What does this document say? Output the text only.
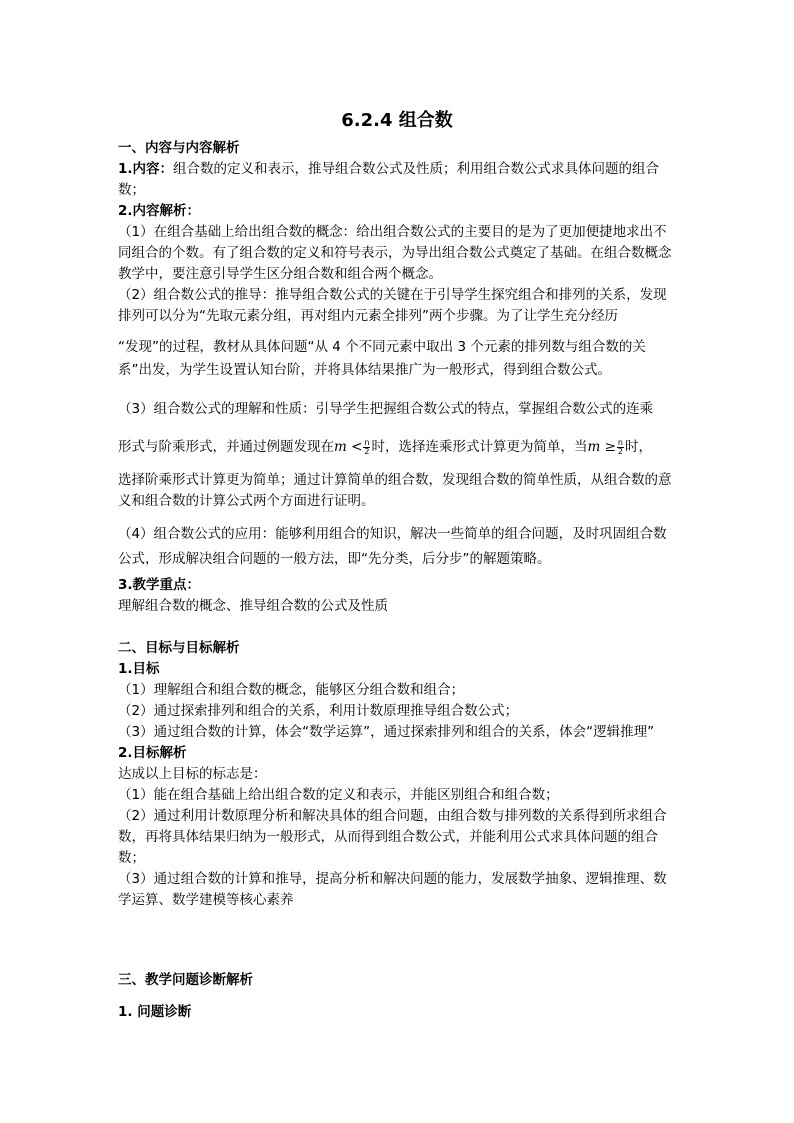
6.2.4 组合数
一、内容与内容解析
1.内容：组合数的定义和表示，推导组合数公式及性质；利用组合数公式求具体问题的组合数；
2.内容解析：
（1）在组合基础上给出组合数的概念：给出组合数公式的主要目的是为了更加便捷地求出不同组合的个数。有了组合数的定义和符号表示，为导出组合数公式奠定了基础。在组合数概念教学中，要注意引导学生区分组合数和组合两个概念。
（2）组合数公式的推导：推导组合数公式的关键在于引导学生探究组合和排列的关系，发现排列可以分为“先取元素分组，再对组内元素全排列”两个步骤。为了让学生充分经历
“发现”的过程，教材从具体问题“从 4 个不同元素中取出 3 个元素的排列数与组合数的关系”出发，为学生设置认知台阶，并将具体结果推广为一般形式，得到组合数公式。
（3）组合数公式的理解和性质：引导学生把握组合数公式的特点，掌握组合数公式的连乘
形式与阶乘形式，并通过例题发现在$m < \frac{n}{2}$ 时，选择连乘形式计算更为简单，当$m \ge \frac{n}{2}$ 时，
选择阶乘形式计算更为简单；通过计算简单的组合数，发现组合数的简单性质，从组合数的意义和组合数的计算公式两个方面进行证明。
（4）组合数公式的应用：能够利用组合的知识，解决一些简单的组合问题，及时巩固组合数公式，形成解决组合问题的一般方法，即“先分类，后分步”的解题策略。
3.教学重点：
理解组合数的概念、推导组合数的公式及性质
二、目标与目标解析
1.目标
（1）理解组合和组合数的概念，能够区分组合数和组合；
（2）通过探索排列和组合的关系，利用计数原理推导组合数公式；
（3）通过组合数的计算，体会“数学运算”，通过探索排列和组合的关系，体会“逻辑推理”
2.目标解析
达成以上目标的标志是：
（1）能在组合基础上给出组合数的定义和表示，并能区别组合和组合数；
（2）通过利用计数原理分析和解决具体的组合问题，由组合数与排列数的关系得到所求组合数，再将具体结果归纳为一般形式，从而得到组合数公式，并能利用公式求具体问题的组合数；
（3）通过组合数的计算和推导，提高分析和解决问题的能力，发展数学抽象、逻辑推理、数学运算、数学建模等核心素养
三、教学问题诊断解析
1. 问题诊断
